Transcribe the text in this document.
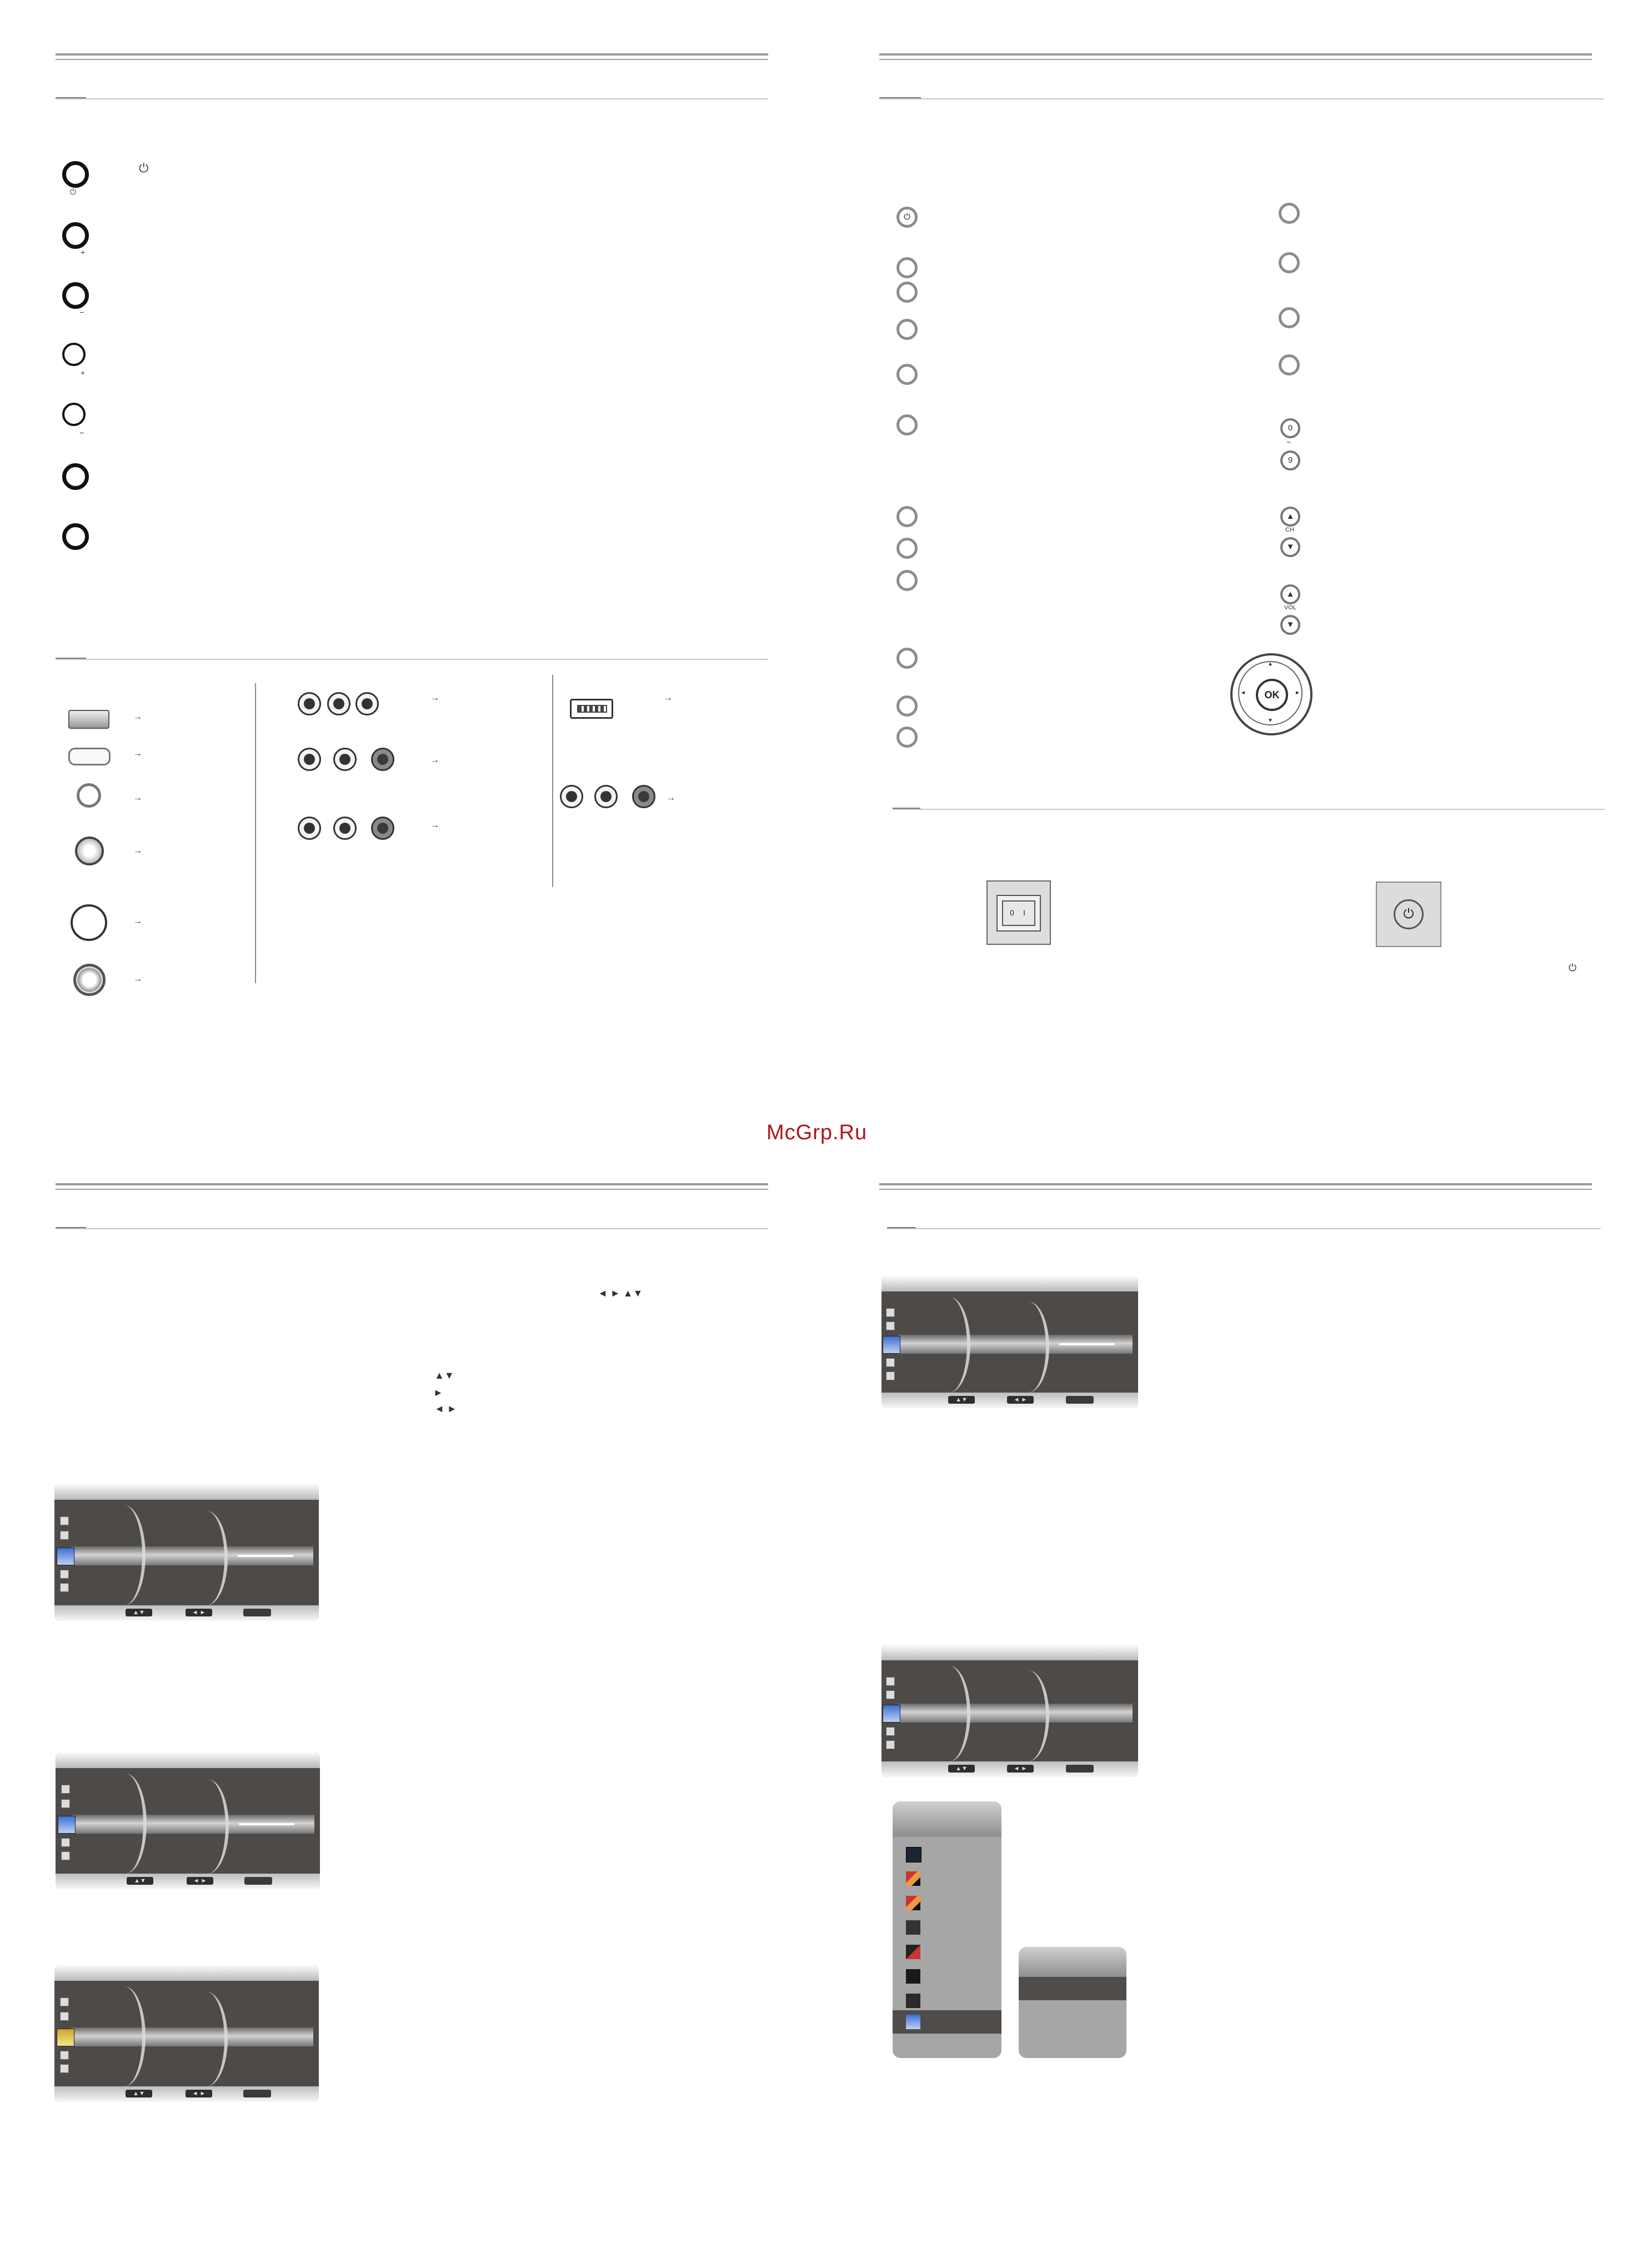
⏻
⏻
+
−
+
−
→
→
→
→
→
→
→
→
→
→
→
⏻
0
~
9
▲
CH
▼
▲
VOL
▼
OK
▲
▼
◄	►
0 I	⏻
⏻
McGrp.Ru
◄ ► ▲▼
▲▼
►
◄ ►
▲▼	◄ ►
▲▼	◄ ►
▲▼	◄ ►
▲▼	◄ ►
▲▼	◄ ►
